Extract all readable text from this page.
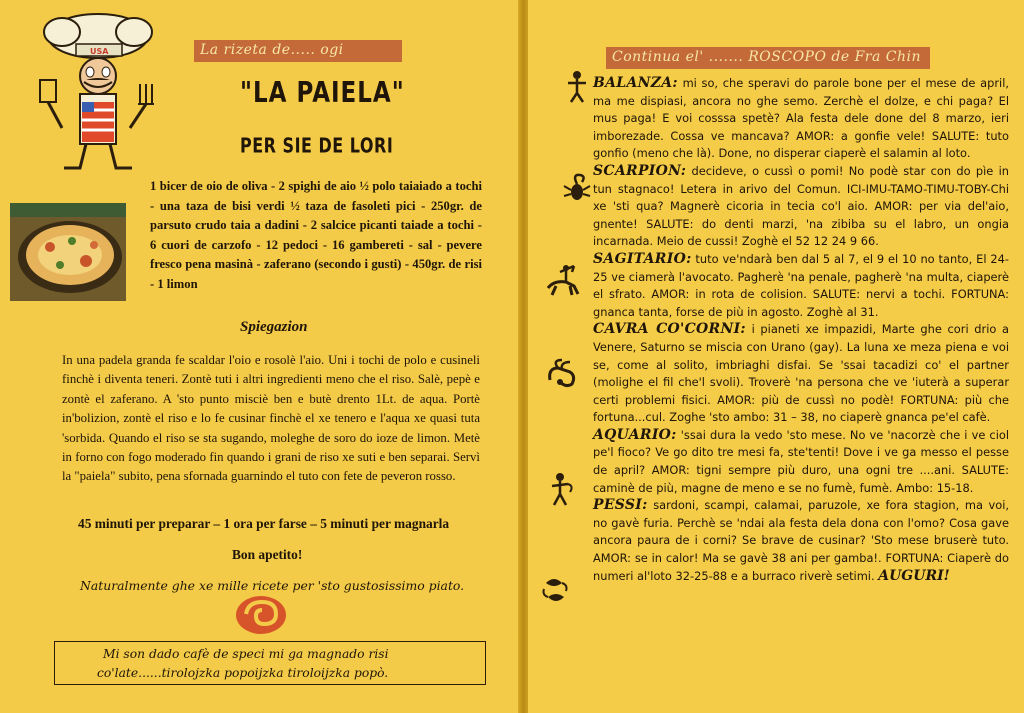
USA	La rizeta de..... ogi
"LA PAIELA"
PER SIE DE LORI
1 bicer de oio de oliva - 2 spighi de aio ½ polo taiaiado a tochi - una taza de bisi verdi ½ taza de fasoleti pici - 250gr. de parsuto crudo taia a dadini - 2 salcice picanti taiade a tochi - 6 cuori de carzofo - 12 pedoci - 16 gambereti - sal - pevere fresco pena masinà - zaferano (secondo i gusti) - 450gr. de risi - 1 limon
Spiegazion
In una padela granda fe scaldar l'oio e rosolè l'aio. Uni i tochi de polo e cusineli finchè i diventa teneri. Zontè tuti i altri ingredienti meno che el riso. Salè, pepè e zontè el zaferano. A 'sto punto misciè ben e butè drento 1Lt. de aqua. Portè in'bolizion, zontè el riso e lo fe cusinar finchè el xe tenero e l'aqua xe quasi tuta 'sorbida. Quando el riso se sta sugando, moleghe de soro do ioze de limon. Metè in forno con fogo moderado fin quando i grani de riso xe suti e ben separai. Servì la "paiela" subito, pena sfornada guarnindo el tuto con fete de peveron rosso.
45 minuti per preparar – 1 ora per farse – 5 minuti per magnarla
Bon apetito!
Naturalmente ghe xe mille ricete per 'sto gustosissimo piato.
Mi son dado cafè de speci mi ga magnado risi
co'late......tirolojzka popoijzka tiroloijzka popò.
Continua el' ....... ROSCOPO de Fra Chin

BALANZA: mi so, che speravi do parole bone per el mese de april, ma me dispiasi, ancora no ghe semo. Zerchè el dolze, e chi paga? El mus paga! E voi cosssa spetè? Ala festa dele done del 8 marzo, ieri imborezade. Cossa ve mancava? AMOR: a gonfie vele! SALUTE: tuto gonfio (meno che là). Done, no disperar ciaperè el salamin al loto.

SCARPION: decideve, o cussì o pomi! No podè star con do pìe in tun stagnaco! Letera in arivo del Comun. ICI-IMU-TAMO-TIMU-TOBY-Chi xe 'sti qua? Magnerè cicoria in tecia co'l aio. AMOR: per via del'aio, gnente! SALUTE: do denti marzi, 'na zibiba su el labro, un ongia incarnada. Meio de cussi! Zoghè el 52 12 24 9 66.

SAGITARIO: tuto ve'ndarà ben dal 5 al 7, el 9 el 10 no tanto, El 24-25 ve ciamerà l'avocato. Pagherè 'na penale, pagherè 'na multa, ciaperè el sfrato. AMOR: in rota de colision. SALUTE: nervi a tochi. FORTUNA: gnanca tanta, forse de più in agosto. Zoghè al 31.

CAVRA CO'CORNI: i pianeti xe impazidi, Marte ghe cori drio a Venere, Saturno se miscia con Urano (gay). La luna xe meza piena e voi se, come al solito, imbriaghi disfai. Se 'ssai tacadizi co' el partner (molighe el fil che'l svoli). Troverè 'na persona che ve 'iuterà a superar certi problemi fisici. AMOR: più de cussì no podè! FORTUNA: più che fortuna...cul. Zoghe 'sto ambo: 31 – 38, no ciaperè gnanca pe'el cafè.

AQUARIO: 'ssai dura la vedo 'sto mese. No ve 'nacorzè che i ve ciol pe'l fioco? Ve go dito tre mesi fa, ste'tenti! Dove i ve ga messo el pesse de april? AMOR: tigni sempre più duro, una ogni tre ....ani. SALUTE: caminè de più, magne de meno e se no fumè, fumè. Ambo: 15-18.

PESSI: sardoni, scampi, calamai, paruzole, xe fora stagion, ma voi, no gavè furia. Perchè se 'ndai ala festa dela dona con l'omo? Cosa gave ancora paura de i corni? Se brave de cusinar? 'Sto mese bruserè tuto. AMOR: se in calor! Ma se gavè 38 ani per gamba!. FORTUNA: Ciaperè do numeri al'loto 32-25-88 e a burraco riverè setimi. AUGURI!
